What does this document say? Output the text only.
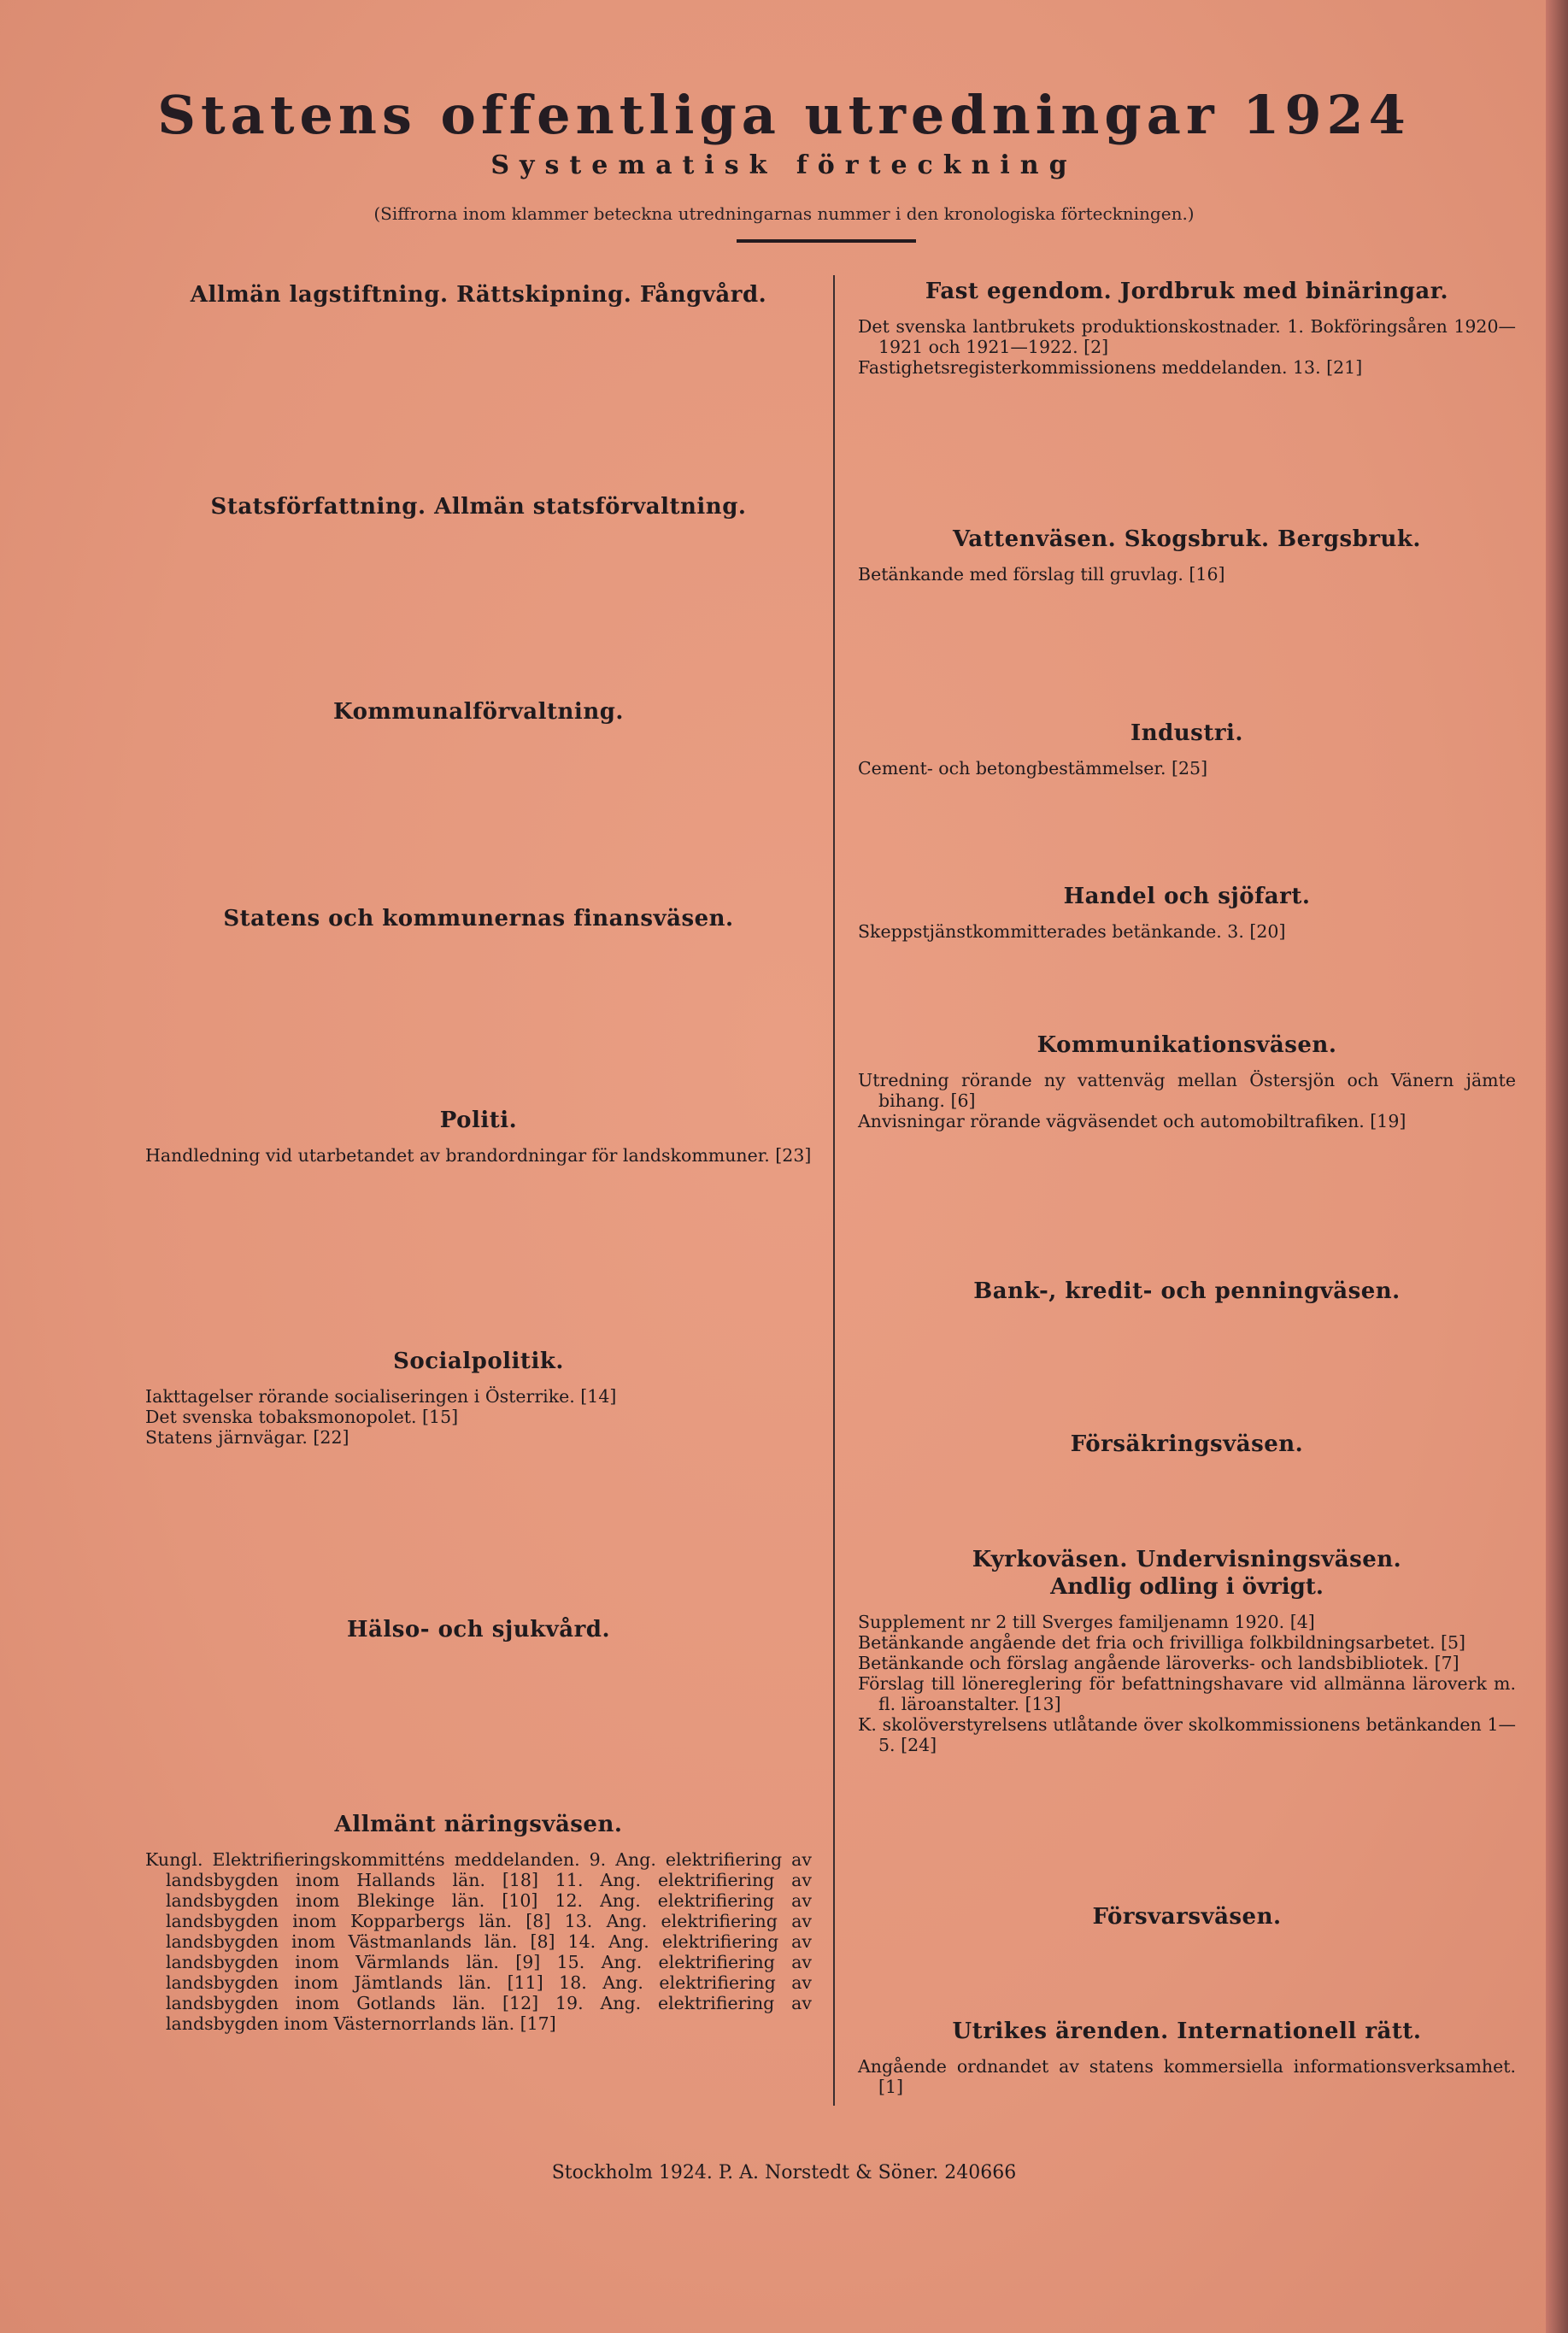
Statens offentliga utredningar 1924
Systematisk förteckning
(Siffrorna inom klammer beteckna utredningarnas nummer i den kronologiska förteckningen.)
Allmän lagstiftning. Rättskipning. Fångvård.
Statsförfattning. Allmän statsförvaltning.
Kommunalförvaltning.
Statens och kommunernas finansväsen.
Politi.

Handledning vid utarbetandet av brandordningar för landskommuner. [23]

Socialpolitik.

Iakttagelser rörande socialiseringen i Österrike. [14]

Det svenska tobaksmonopolet. [15]

Statens järnvägar. [22]

Hälso- och sjukvård.
Allmänt näringsväsen.

Kungl. Elektrifieringskommitténs meddelanden. 9. Ang. elektrifiering av landsbygden inom Hallands län. [18] 11. Ang. elektrifiering av landsbygden inom Blekinge län. [10] 12. Ang. elektrifiering av landsbygden inom Kopparbergs län. [8] 13. Ang. elektrifiering av landsbygden inom Västmanlands län. [8] 14. Ang. elektrifiering av landsbygden inom Värmlands län. [9] 15. Ang. elektrifiering av landsbygden inom Jämtlands län. [11] 18. Ang. elektrifiering av landsbygden inom Gotlands län. [12] 19. Ang. elektrifiering av landsbygden inom Västernorrlands län. [17]

Fast egendom. Jordbruk med binäringar.

Det svenska lantbrukets produktionskostnader. 1. Bokföringsåren 1920—1921 och 1921—1922. [2]

Fastighetsregisterkommissionens meddelanden. 13. [21]

Vattenväsen. Skogsbruk. Bergsbruk.

Betänkande med förslag till gruvlag. [16]

Industri.

Cement- och betongbestämmelser. [25]

Handel och sjöfart.

Skeppstjänstkommitterades betänkande. 3. [20]

Kommunikationsväsen.

Utredning rörande ny vattenväg mellan Östersjön och Vänern jämte bihang. [6]

Anvisningar rörande vägväsendet och automobiltrafiken. [19]

Bank-, kredit- och penningväsen.
Försäkringsväsen.
Kyrkoväsen. Undervisningsväsen.
Andlig odling i övrigt.

Supplement nr 2 till Sverges familjenamn 1920. [4]

Betänkande angående det fria och frivilliga folkbildningsarbetet. [5]

Betänkande och förslag angående läroverks- och landsbibliotek. [7]

Förslag till lönereglering för befattningshavare vid allmänna läroverk m. fl. läroanstalter. [13]

K. skolöverstyrelsens utlåtande över skolkommissionens betänkanden 1—5. [24]

Försvarsväsen.
Utrikes ärenden. Internationell rätt.

Angående ordnandet av statens kommersiella informationsverksamhet. [1]

Stockholm 1924. P. A. Norstedt & Söner. 240666
